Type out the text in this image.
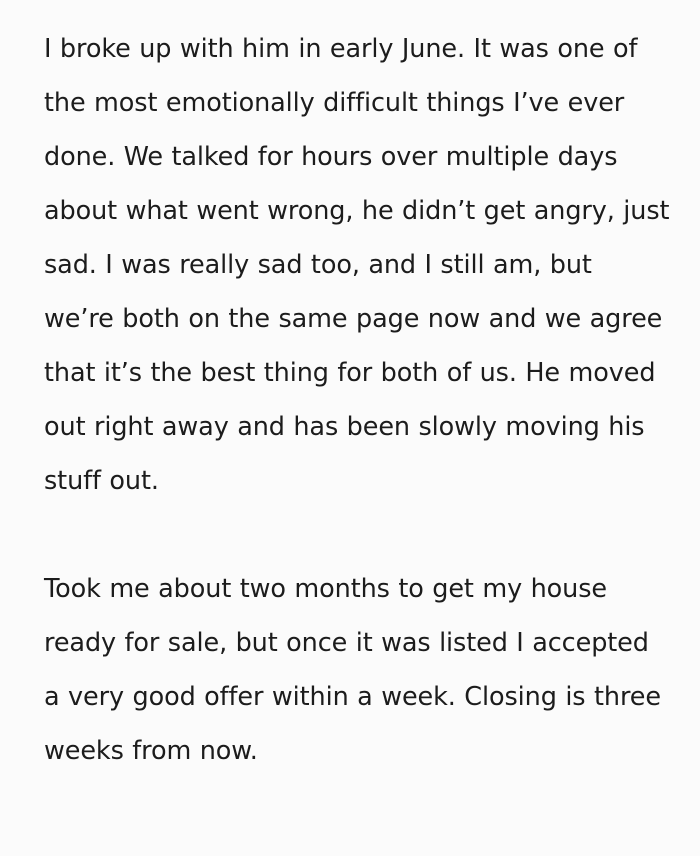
I broke up with him in early June. It was one of the most emotionally difficult things I’ve ever done. We talked for hours over multiple days about what went wrong, he didn’t get angry, just sad. I was really sad too, and I still am, but we’re both on the same page now and we agree that it’s the best thing for both of us. He moved out right away and has been slowly moving his stuff out.

Took me about two months to get my house ready for sale, but once it was listed I accepted a very good offer within a week. Closing is three weeks from now.
